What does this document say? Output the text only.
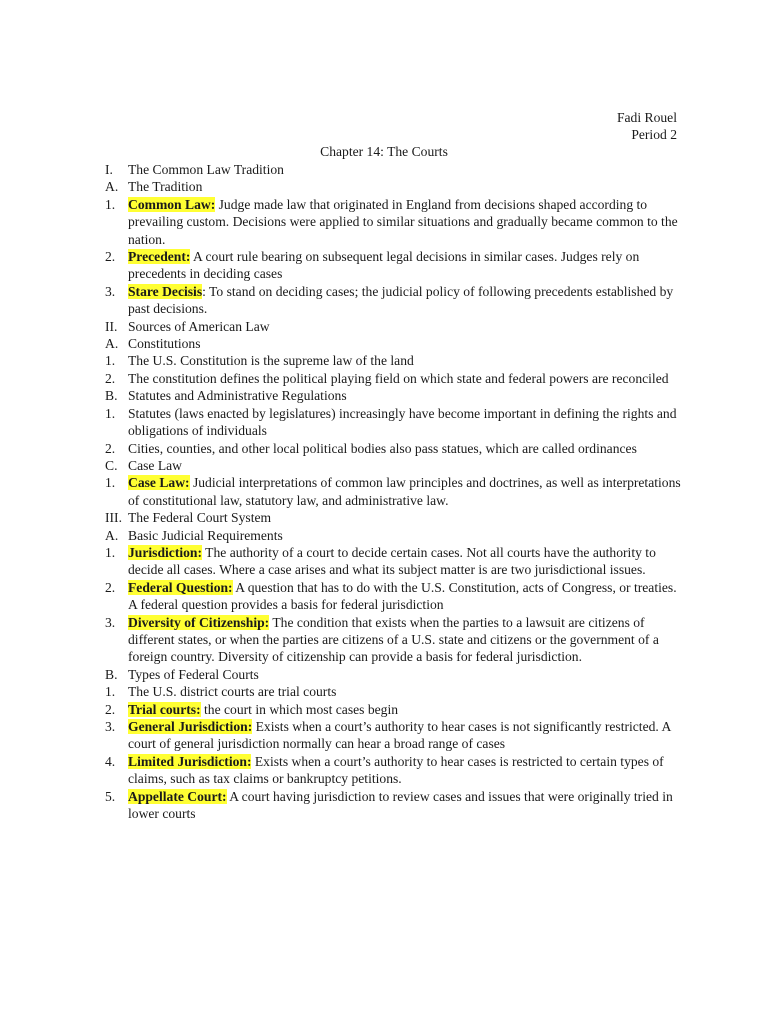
Fadi Rouel
Period 2
Chapter 14: The Courts
I.	The Common Law Tradition
A. The Tradition
1. Common Law: Judge made law that originated in England from decisions shaped according to prevailing custom. Decisions were applied to similar situations and gradually became common to the nation.
2. Precedent: A court rule bearing on subsequent legal decisions in similar cases. Judges rely on precedents in deciding cases
3. Stare Decisis: To stand on deciding cases; the judicial policy of following precedents established by past decisions.
II. Sources of American Law
A. Constitutions
1. The U.S. Constitution is the supreme law of the land
2. The constitution defines the political playing field on which state and federal powers are reconciled
B. Statutes and Administrative Regulations
1. Statutes (laws enacted by legislatures) increasingly have become important in defining the rights and obligations of individuals
2. Cities, counties, and other local political bodies also pass statues, which are called ordinances
C. Case Law
1. Case Law: Judicial interpretations of common law principles and doctrines, as well as interpretations of constitutional law, statutory law, and administrative law.
III. The Federal Court System
A. Basic Judicial Requirements
1. Jurisdiction: The authority of a court to decide certain cases. Not all courts have the authority to decide all cases. Where a case arises and what its subject matter is are two jurisdictional issues.
2. Federal Question: A question that has to do with the U.S. Constitution, acts of Congress, or treaties. A federal question provides a basis for federal jurisdiction
3. Diversity of Citizenship: The condition that exists when the parties to a lawsuit are citizens of different states, or when the parties are citizens of a U.S. state and citizens or the government of a foreign country. Diversity of citizenship can provide a basis for federal jurisdiction.
B. Types of Federal Courts
1. The U.S. district courts are trial courts
2. Trial courts: the court in which most cases begin
3. General Jurisdiction: Exists when a court’s authority to hear cases is not significantly restricted. A court of general jurisdiction normally can hear a broad range of cases
4. Limited Jurisdiction: Exists when a court’s authority to hear cases is restricted to certain types of claims, such as tax claims or bankruptcy petitions.
5. Appellate Court: A court having jurisdiction to review cases and issues that were originally tried in lower courts
